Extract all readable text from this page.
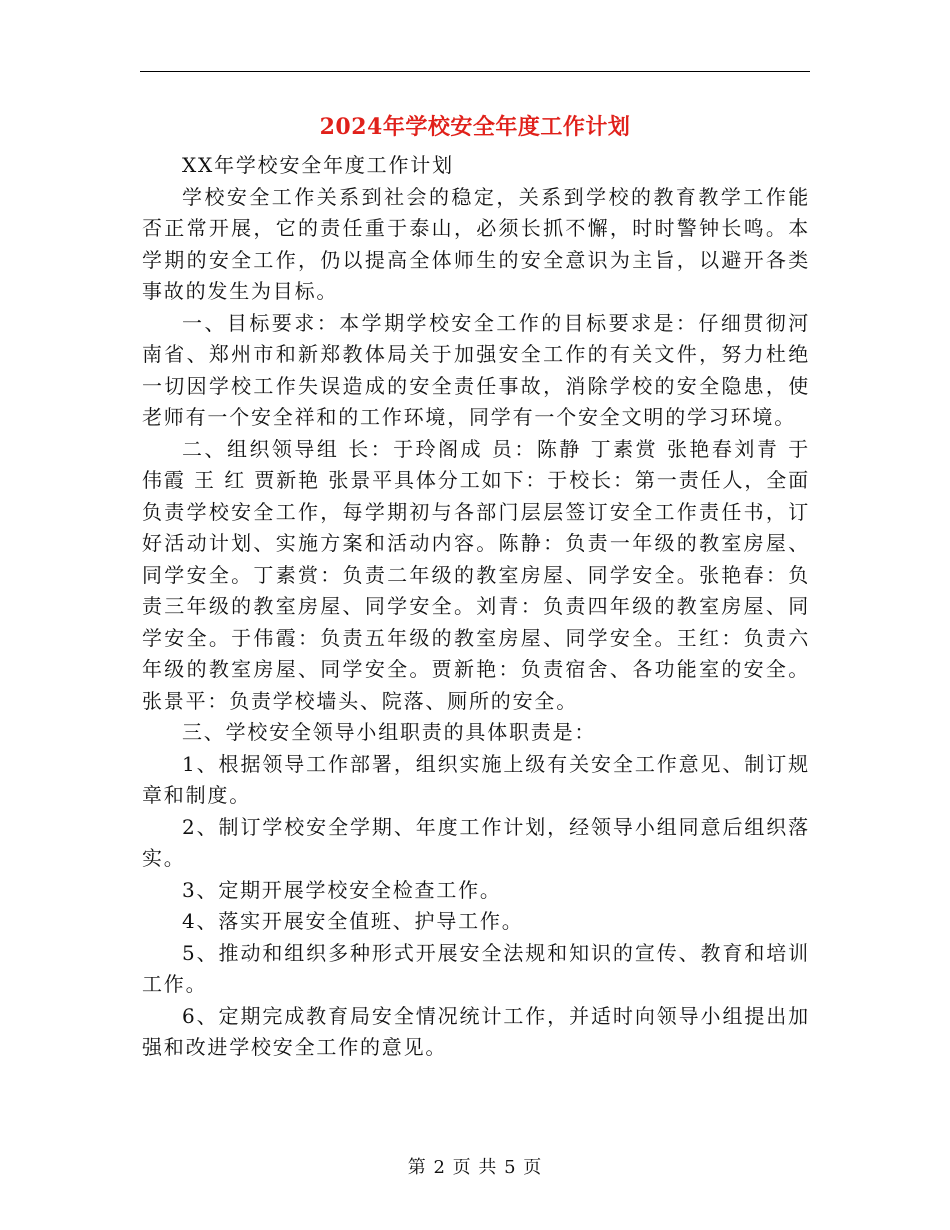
2024年学校安全年度工作计划

XX年学校安全年度工作计划

学校安全工作关系到社会的稳定，关系到学校的教育教学工作能否正常开展，它的责任重于泰山，必须长抓不懈，时时警钟长鸣。本学期的安全工作，仍以提高全体师生的安全意识为主旨，以避开各类事故的发生为目标。

一、目标要求：本学期学校安全工作的目标要求是：仔细贯彻河南省、郑州市和新郑教体局关于加强安全工作的有关文件，努力杜绝一切因学校工作失误造成的安全责任事故，消除学校的安全隐患，使老师有一个安全祥和的工作环境，同学有一个安全文明的学习环境。

二、组织领导组 长：于玲阁成 员：陈静 丁素赏 张艳春刘青 于伟霞 王 红 贾新艳 张景平具体分工如下：于校长：第一责任人，全面负责学校安全工作，每学期初与各部门层层签订安全工作责任书，订好活动计划、实施方案和活动内容。陈静：负责一年级的教室房屋、同学安全。丁素赏：负责二年级的教室房屋、同学安全。张艳春：负责三年级的教室房屋、同学安全。刘青：负责四年级的教室房屋、同学安全。于伟霞：负责五年级的教室房屋、同学安全。王红：负责六年级的教室房屋、同学安全。贾新艳：负责宿舍、各功能室的安全。张景平：负责学校墙头、院落、厕所的安全。

三、学校安全领导小组职责的具体职责是：

1、根据领导工作部署，组织实施上级有关安全工作意见、制订规章和制度。

2、制订学校安全学期、年度工作计划，经领导小组同意后组织落实。

3、定期开展学校安全检查工作。

4、落实开展安全值班、护导工作。

5、推动和组织多种形式开展安全法规和知识的宣传、教育和培训工作。

6、定期完成教育局安全情况统计工作，并适时向领导小组提出加强和改进学校安全工作的意见。

第 2 页 共 5 页
